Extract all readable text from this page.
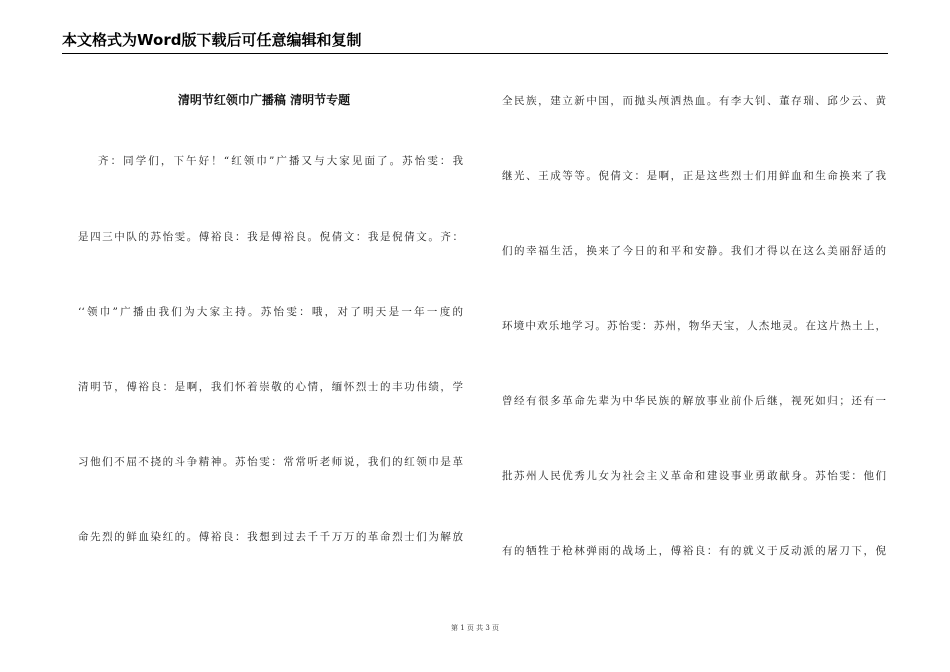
本文格式为Word版下载后可任意编辑和复制
清明节红领巾广播稿 清明节专题
齐：同学们，下午好！“红领巾”广播又与大家见面了。苏怡雯：我
是四三中队的苏怡雯。傅裕良：我是傅裕良。倪倩文：我是倪倩文。齐：
‘‘领巾”广播由我们为大家主持。苏怡雯：哦，对了明天是一年一度的
清明节，傅裕良：是啊，我们怀着崇敬的心情，缅怀烈士的丰功伟绩，学
习他们不屈不挠的斗争精神。苏怡雯：常常听老师说，我们的红领巾是革
命先烈的鲜血染红的。傅裕良：我想到过去千千万万的革命烈士们为解放
全民族，建立新中国，而抛头颅洒热血。有李大钊、董存瑞、邱少云、黄
继光、王成等等。倪倩文：是啊，正是这些烈士们用鲜血和生命换来了我
们的幸福生活，换来了今日的和平和安静。我们才得以在这么美丽舒适的
环境中欢乐地学习。苏怡雯：苏州，物华天宝，人杰地灵。在这片热土上，
曾经有很多革命先辈为中华民族的解放事业前仆后继，视死如归；还有一
批苏州人民优秀儿女为社会主义革命和建设事业勇敢献身。苏怡雯：他们
有的牺牲于枪林弹雨的战场上，傅裕良：有的就义于反动派的屠刀下，倪
第 1 页 共 3 页
